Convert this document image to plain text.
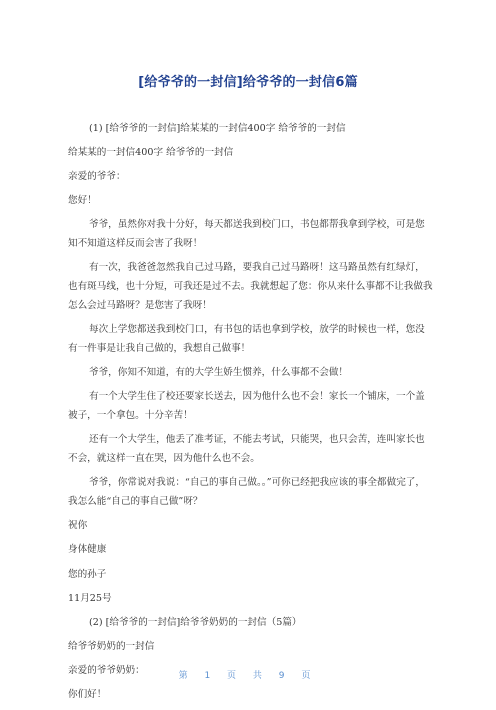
[给爷爷的一封信]给爷爷的一封信6篇

(1) [给爷爷的一封信]给某某的一封信400字 给爷爷的一封信

给某某的一封信400字 给爷爷的一封信

亲爱的爷爷：

您好！

爷爷，虽然你对我十分好，每天都送我到校门口，书包都帮我拿到学校，可是您知不知道这样反而会害了我呀！

有一次，我爸爸忽然我自己过马路，要我自己过马路呀！这马路虽然有红绿灯，也有斑马线，也十分短，可我还是过不去。我就想起了您：你从来什么事都不让我做我怎么会过马路呀？是您害了我呀！

每次上学您都送我到校门口，有书包的话也拿到学校，放学的时候也一样，您没有一件事是让我自己做的，我想自己做事！

爷爷，你知不知道，有的大学生娇生惯养，什么事都不会做！

有一个大学生住了校还要家长送去，因为他什么也不会！家长一个铺床，一个盖被子，一个拿包。十分辛苦！

还有一个大学生，他丢了准考证，不能去考试，只能哭，也只会苦，连叫家长也不会，就这样一直在哭，因为他什么也不会。

爷爷，你常说对我说：“自己的事自己做。。”可你已经把我应该的事全都做完了，我怎么能“自己的事自己做”呀？

祝你

身体健康

您的孙子

11月25号

(2) [给爷爷的一封信]给爷爷奶奶的一封信（5篇）

给爷爷奶奶的一封信

亲爱的爷爷奶奶：

你们好！

第 1 页 共 9 页
